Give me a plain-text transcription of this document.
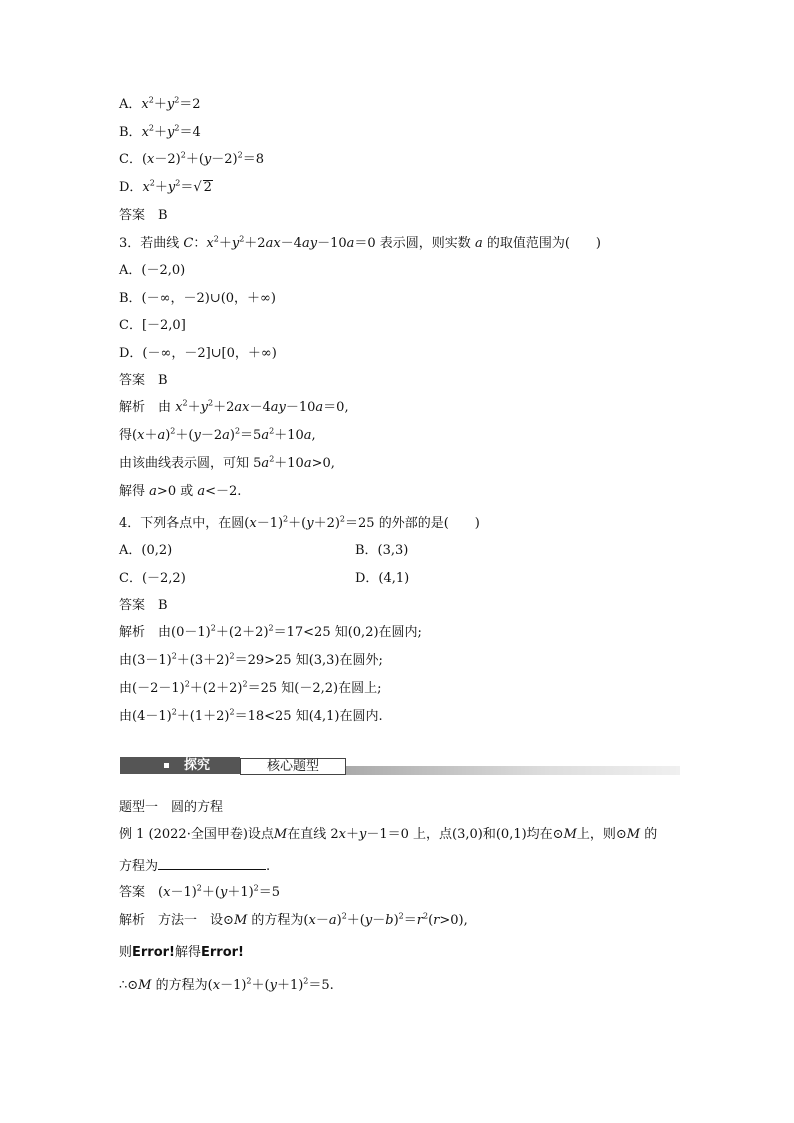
A．$x^2+y^2=2$
B．$x^2+y^2=4$
C．$(x-2)^2+(y-2)^2=8$
D．$x^2+y^2=√$ 2
答案　 B
3．若曲线 C：$x^2+y^2+2ax-4ay-10a=0$ 表示圆，则实数 a 的取值范围为(　　)
A．(－2,0)
B．(－∞，－2)∪(0，＋∞)
C．[－2,0]
D．(－∞，－2]∪[0，＋∞)
答案　 B
解析　 由 $x^2+y^2+2ax-4ay-10a=0$,
得$(x+a)^2+(y-2a)^2=5a^2+10a$,
由该曲线表示圆，可知 $5a^2+10a>0$,
解得 a>0 或 a<－2.
4．下列各点中，在圆$(x-1)^2+(y+2)^2=25$ 的外部的是(　　)
A．(0,2)	B．(3,3)
C．(－2,2)	D．(4,1)
答案　 B
解析　 由$(0-1)^2+(2+2)^2=17<25$ 知(0,2)在圆内;
由$(3-1)^2+(3+2)^2=29>25$ 知(3,3)在圆外;
由$(-2-1)^2+(2+2)^2=25$ 知(－2,2)在圆上;
由$(4-1)^2+(1+2)^2=18<25$ 知(4,1)在圆内.
探究	核心题型
题型一　圆的方程
例 1 (2022·全国甲卷)设点M在直线 2x＋y－1＝0 上，点(3,0)和(0,1)均在⊙M上，则⊙M 的
方程为	.
答案　$(x-1)^2+(y+1)^2=5$
解析　 方法一　设⊙M 的方程为$(x-a)^2+(y-b)^2=r^2(r>0)$,
则Error!解得Error!
∴⊙M 的方程为$(x-1)^2+(y+1)^2=5$.
